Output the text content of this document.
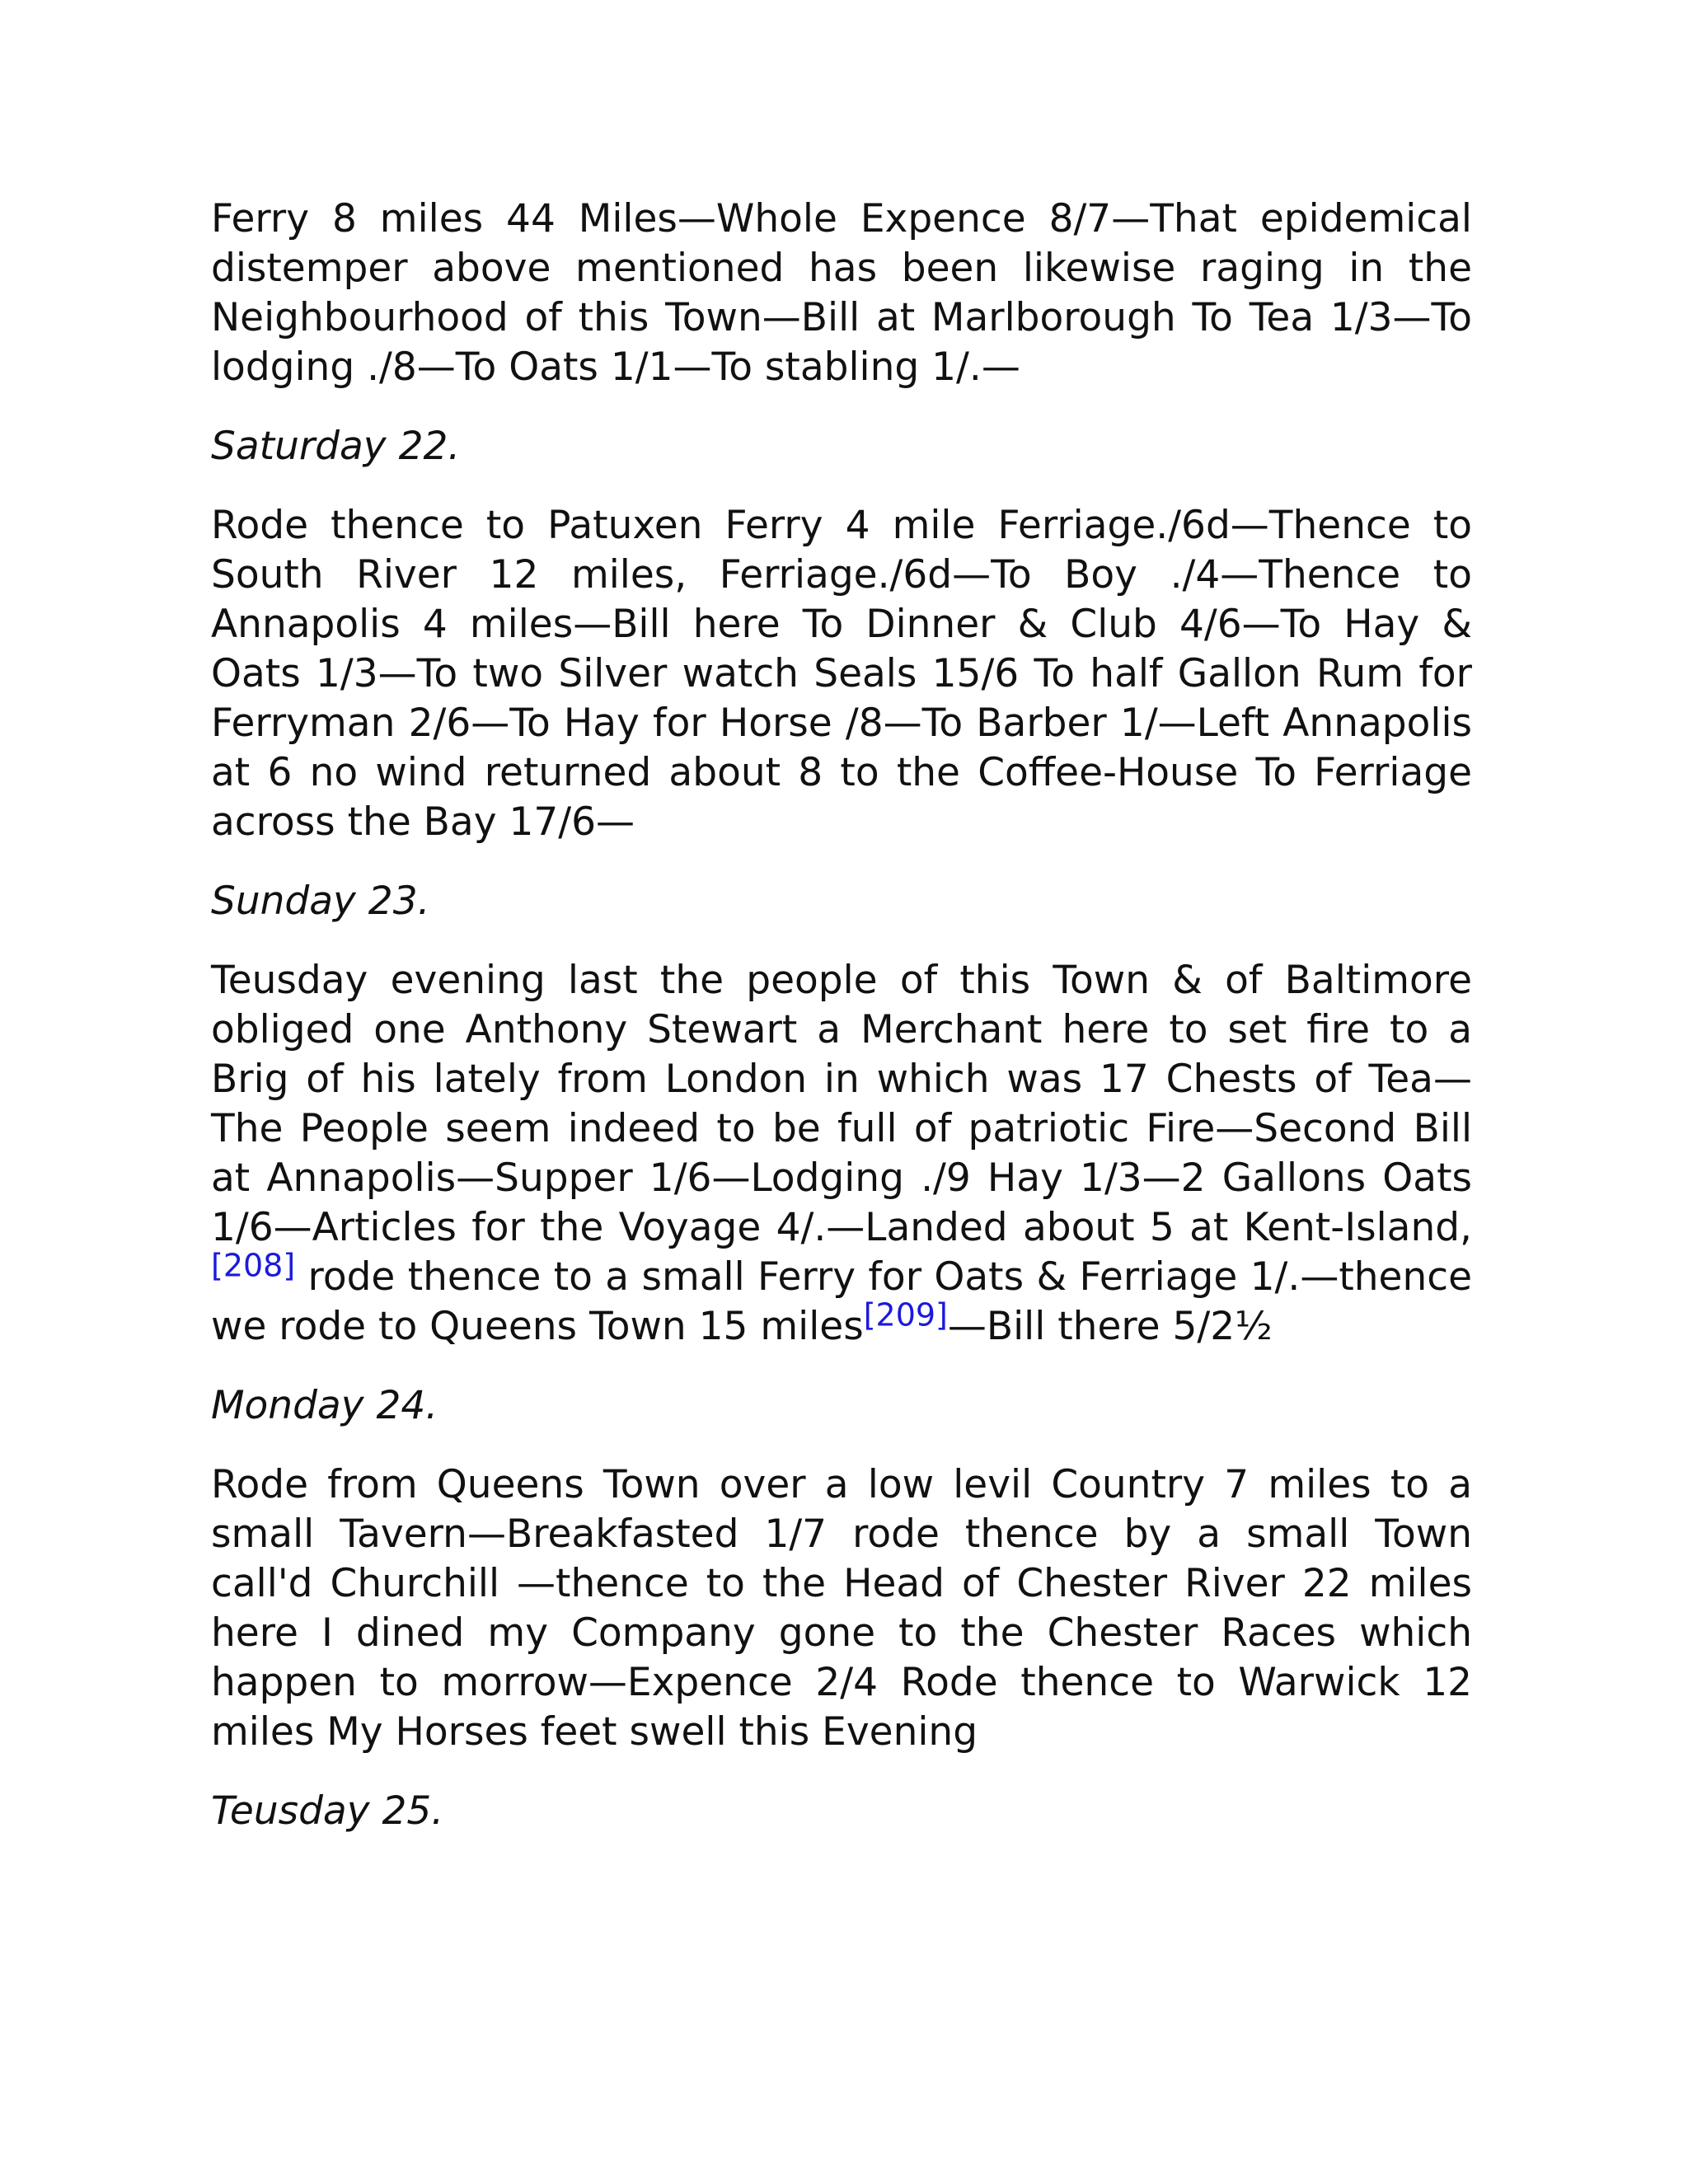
Ferry 8 miles 44 Miles—Whole Expence 8/7—That epidemical distemper above mentioned has been likewise raging in the Neighbourhood of this Town—Bill at Marlborough To Tea 1/3—To lodging ./8—To Oats 1/1—To stabling 1/.—

Saturday 22.

Rode thence to Patuxen Ferry 4 mile Ferriage./6d—Thence to South River 12 miles, Ferriage./6d—To Boy ./4—Thence to Annapolis 4 miles—Bill here To Dinner & Club 4/6—To Hay & Oats 1/3—To two Silver watch Seals 15/6 To half Gallon Rum for Ferryman 2/6—To Hay for Horse /8—To Barber 1/—Left Annapolis at 6 no wind returned about 8 to the Coffee-House To Ferriage across the Bay 17/6—

Sunday 23.

Teusday evening last the people of this Town & of Baltimore obliged one Anthony Stewart a Merchant here to set fire to a Brig of his lately from London in which was 17 Chests of Tea—The People seem indeed to be full of patriotic Fire—Second Bill at Annapolis—Supper 1/6—Lodging ./9 Hay 1/3—2 Gallons Oats 1/6—Articles for the Voyage 4/.—Landed about 5 at Kent-Island,[208] rode thence to a small Ferry for Oats & Ferriage 1/.—thence we rode to Queens Town 15 miles[209]—Bill there 5/2½

Monday 24.

Rode from Queens Town over a low levil Country 7 miles to a small Tavern—Breakfasted 1/7 rode thence by a small Town call'd Churchill —thence to the Head of Chester River 22 miles here I dined my Company gone to the Chester Races which happen to morrow—Expence 2/4 Rode thence to Warwick 12 miles My Horses feet swell this Evening

Teusday 25.
